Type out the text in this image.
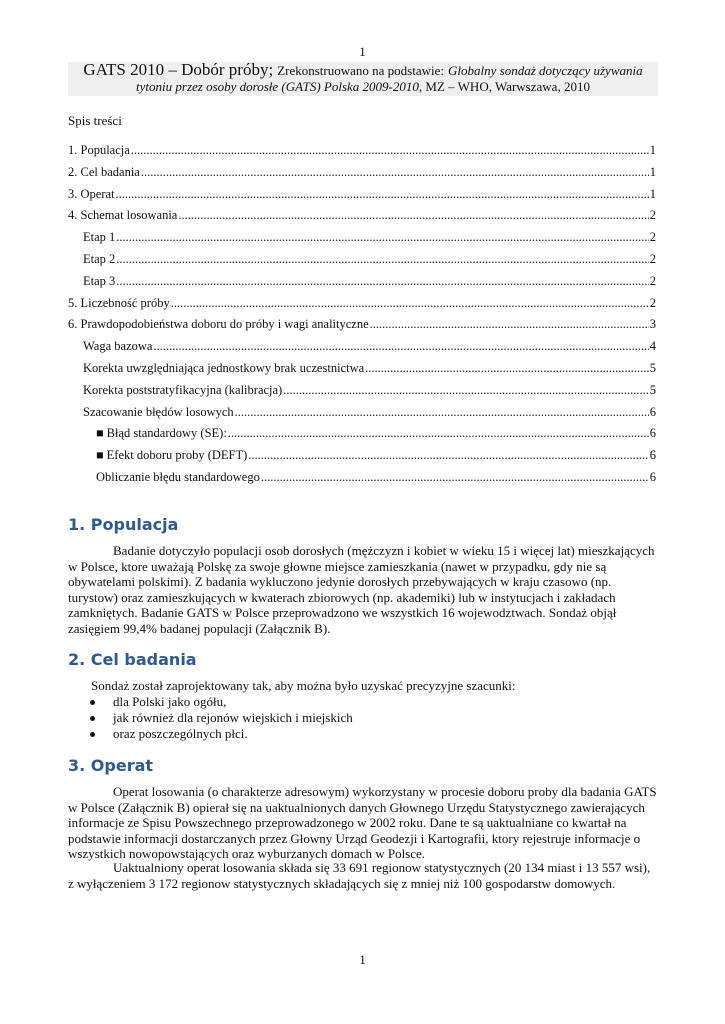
1
GATS 2010 – Dobór próby; Zrekonstruowano na podstawie: Globalny sondaż dotyczący używania
tytoniu przez osoby dorosłe (GATS) Polska 2009-2010, MZ – WHO, Warwszawa, 2010
Spis treści
1. Populacja .....	1
2. Cel badania .....	1
3. Operat .....	1
4. Schemat losowania .....	2
Etap 1 .....	2
Etap 2 .....	2
Etap 3 .....	2
5. Liczebność próby .....	2
6. Prawdopodobieństwa doboru do próby i wagi analityczne .....	3
Waga bazowa .....	4
Korekta uwzględniająca jednostkowy brak uczestnictwa .....	5
Korekta poststratyfikacyjna (kalibracja) .....	5
Szacowanie błędów losowych .....	6
■ Błąd standardowy (SE): .....	6
■ Efekt doboru proby (DEFT) .....	6
Obliczanie błędu standardowego .....	6
1. Populacja
Badanie dotyczyło populacji osob dorosłych (mężczyzn i kobiet w wieku 15 i więcej lat) mieszkających w Polsce, ktore uważają Polskę za swoje głowne miejsce zamieszkania (nawet w przypadku, gdy nie są obywatelami polskimi). Z badania wykluczono jedynie dorosłych przebywających w kraju czasowo (np. turystow) oraz zamieszkujących w kwaterach zbiorowych (np. akademiki) lub w instytucjach i zakładach zamkniętych. Badanie GATS w Polsce przeprowadzono we wszystkich 16 wojewodztwach. Sondaż objął zasięgiem 99,4% badanej populacji (Załącznik B).
2. Cel badania
Sondaż został zaprojektowany tak, aby można było uzyskać precyzyjne szacunki:
dla Polski jako ogółu,
jak również dla rejonów wiejskich i miejskich
oraz poszczególnych płci.
3. Operat
Operat losowania (o charakterze adresowym) wykorzystany w procesie doboru proby dla badania GATS w Polsce (Załącznik B) opierał się na uaktualnionych danych Głownego Urzędu Statystycznego zawierających informacje ze Spisu Powszechnego przeprowadzonego w 2002 roku. Dane te są uaktualniane co kwartał na podstawie informacji dostarczanych przez Głowny Urząd Geodezji i Kartografii, ktory rejestruje informacje o wszystkich nowopowstających oraz wyburzanych domach w Polsce.
Uaktualniony operat losowania składa się 33 691 regionow statystycznych (20 134 miast i 13 557 wsi), z wyłączeniem 3 172 regionow statystycznych składających się z mniej niż 100 gospodarstw domowych.
1
